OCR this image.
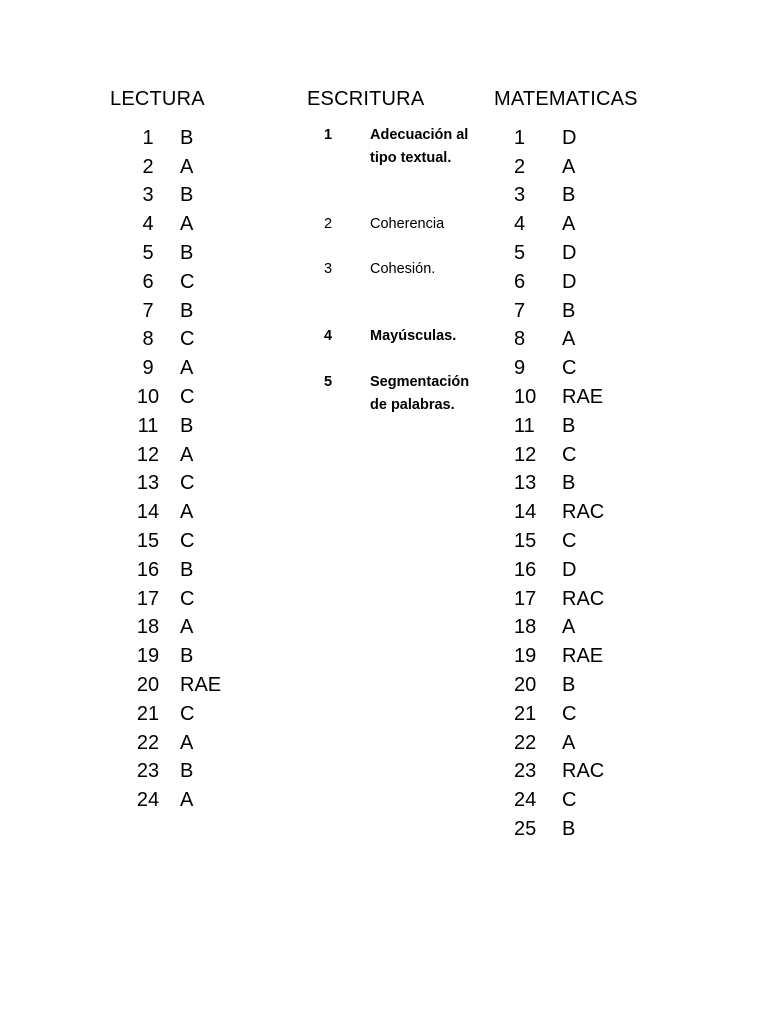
LECTURA	ESCRITURA	MATEMATICAS
1	B
2	A
3	B
4	A
5	B
6	C
7	B
8	C
9	A
10	C
11	B
12	A
13	C
14	A
15	C
16	B
17	C
18	A
19	B
20	RAE
21	C
22	A
23	B
24	A
1 D
2 A
3 B
4 A
5 D
6 D
7 B
8 A
9 C
10 RAE
11 B
12 C
13 B
14 RAC
15 C
16 D
17 RAC
18 A
19 RAE
20 B
21 C
22 A
23 RAC
24 C
25 B
1	Adecuación al tipo textual.
2	Coherencia
3	Cohesión.
4	Mayúsculas.
5	Segmentación de palabras.
